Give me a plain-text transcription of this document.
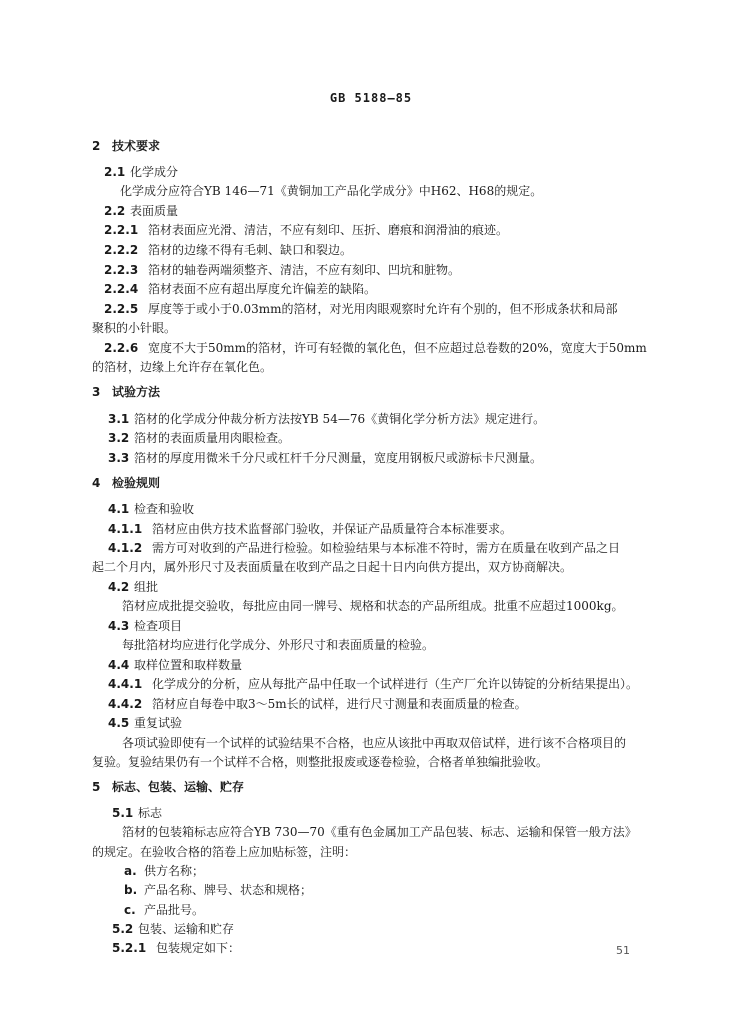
GB 5188—85
2 技术要求
2.1 化学成分
化学成分应符合YB 146—71《黄铜加工产品化学成分》中H62、H68的规定。
2.2 表面质量
2.2.1 箔材表面应光滑、清洁，不应有刻印、压折、磨痕和润滑油的痕迹。
2.2.2 箔材的边缘不得有毛刺、缺口和裂边。
2.2.3 箔材的轴卷两端须整齐、清洁，不应有刻印、凹坑和脏物。
2.2.4 箔材表面不应有超出厚度允许偏差的缺陷。
2.2.5 厚度等于或小于0.03mm的箔材，对光用肉眼观察时允许有个别的，但不形成条状和局部
聚积的小针眼。
2.2.6 宽度不大于50mm的箔材，许可有轻微的氧化色，但不应超过总卷数的20%，宽度大于50mm
的箔材，边缘上允许存在氧化色。
3 试验方法
3.1 箔材的化学成分仲裁分析方法按YB 54—76《黄铜化学分析方法》规定进行。
3.2 箔材的表面质量用肉眼检查。
3.3 箔材的厚度用微米千分尺或杠杆千分尺测量，宽度用钢板尺或游标卡尺测量。
4 检验规则
4.1 检查和验收
4.1.1 箔材应由供方技术监督部门验收，并保证产品质量符合本标准要求。
4.1.2 需方可对收到的产品进行检验。如检验结果与本标准不符时，需方在质量在收到产品之日
起二个月内，属外形尺寸及表面质量在收到产品之日起十日内向供方提出，双方协商解决。
4.2 组批
箔材应成批提交验收，每批应由同一牌号、规格和状态的产品所组成。批重不应超过1000kg。
4.3 检查项目
每批箔材均应进行化学成分、外形尺寸和表面质量的检验。
4.4 取样位置和取样数量
4.4.1 化学成分的分析，应从每批产品中任取一个试样进行（生产厂允许以铸锭的分析结果提出）。
4.4.2 箔材应自每卷中取3～5m长的试样，进行尺寸测量和表面质量的检查。
4.5 重复试验
各项试验即使有一个试样的试验结果不合格，也应从该批中再取双倍试样，进行该不合格项目的
复验。复验结果仍有一个试样不合格，则整批报废或逐卷检验，合格者单独编批验收。
5 标志、包装、运输、贮存
5.1 标志
箔材的包装箱标志应符合YB 730—70《重有色金属加工产品包装、标志、运输和保管一般方法》
的规定。在验收合格的箔卷上应加贴标签，注明：
a. 供方名称；
b. 产品名称、牌号、状态和规格；
c. 产品批号。
5.2 包装、运输和贮存
5.2.1 包装规定如下：	51
